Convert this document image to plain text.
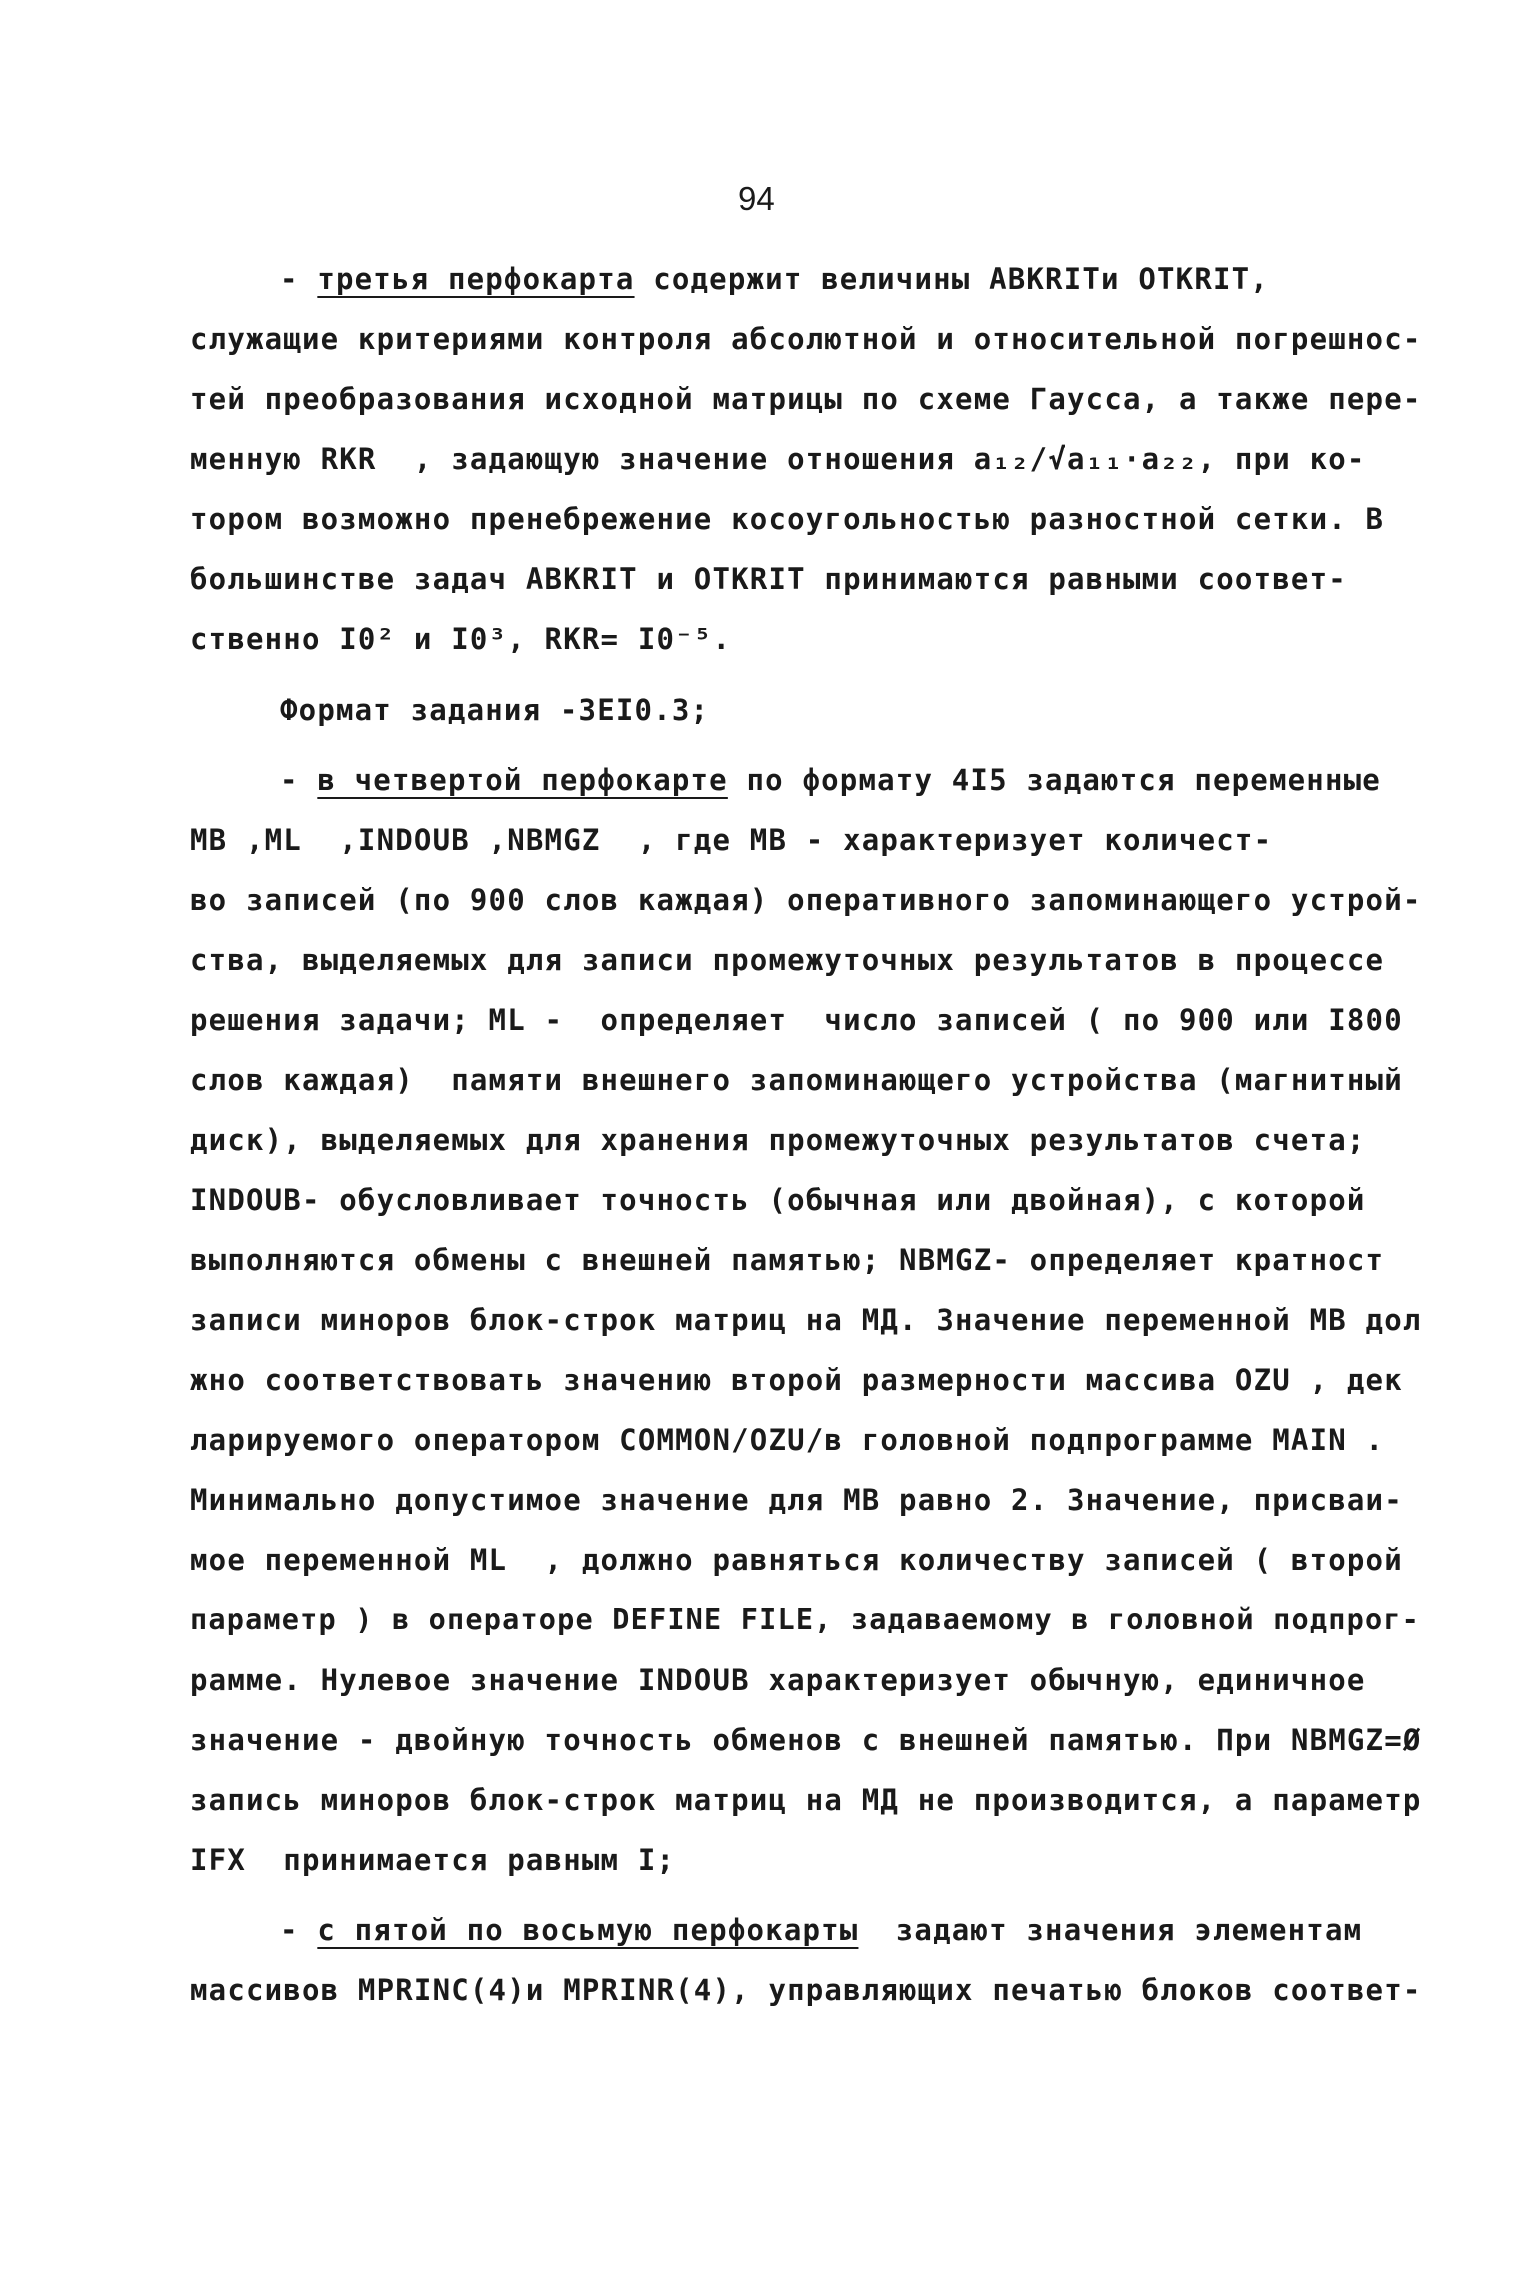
94
- третья перфокарта содержит величины ABKRITи OTKRIT,
служащие критериями контроля абсолютной и относительной погрешнос-
тей преобразования исходной матрицы по схеме Гаусса, а также пере-
менную RKR  , задающую значение отношения a₁₂/√a₁₁·a₂₂, при ко-
тором возможно пренебрежение косоугольностью разностной сетки. В
большинстве задач ABKRIT и OTKRIT принимаются равными соответ-
ственно I0² и I0³, RKR= I0⁻⁵.
Формат задания -3EI0.3;
- в четвертой перфокарте по формату 4I5 задаются переменные
MB ,ML  ,INDOUB ,NBMGZ  , где MB - характеризует количест-
во записей (по 900 слов каждая) оперативного запоминающего устрой-
ства, выделяемых для записи промежуточных результатов в процессе
решения задачи; ML -  определяет  число записей ( по 900 или I800
слов каждая)  памяти внешнего запоминающего устройства (магнитный
диск), выделяемых для хранения промежуточных результатов счета;
INDOUB- обусловливает точность (обычная или двойная), с которой
выполняются обмены с внешней памятью; NBMGZ- определяет кратност
записи миноров блок-строк матриц на МД. Значение переменной MB дол
жно соответствовать значению второй размерности массива OZU , дек
ларируемого оператором COMMON/OZU/в головной подпрограмме MAIN .
Минимально допустимое значение для MB равно 2. Значение, присваи-
мое переменной ML  , должно равняться количеству записей ( второй
параметр ) в операторе DEFINE FILE, задаваемому в головной подпрог-
рамме. Нулевое значение INDOUB характеризует обычную, единичное
значение - двойную точность обменов с внешней памятью. При NBMGZ=Ø
запись миноров блок-строк матриц на МД не производится, а параметр
IFX  принимается равным I;
- с пятой по восьмую перфокарты  задают значения элементам
массивов MPRINC(4)и MPRINR(4), управляющих печатью блоков соответ-
